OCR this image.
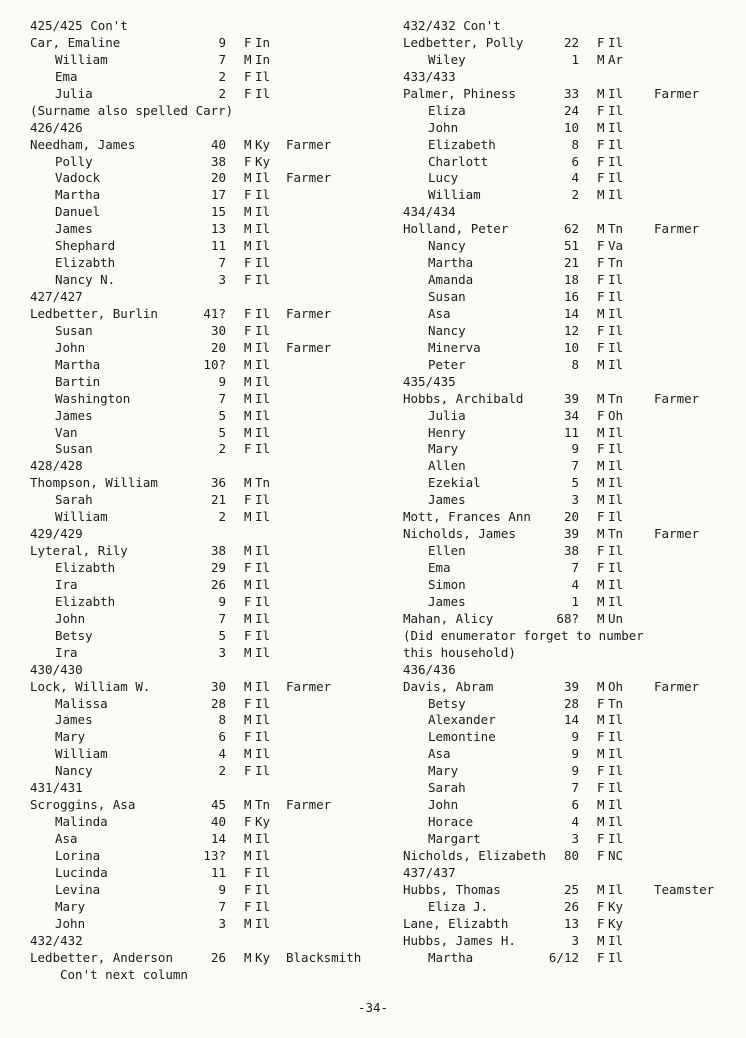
425/425 Con't
Car, Emaline	9 F In
William	7 M In
Ema	2 F Il
Julia	2 F Il
(Surname also spelled Carr)
426/426
Needham, James	40 M Ky Farmer
Polly	38 F Ky
Vadock	20 M Il Farmer
Martha	17 F Il
Danuel	15 M Il
James	13 M Il
Shephard	11 M Il
Elizabth	7 F Il
Nancy N.	3 F Il
427/427
Ledbetter, Burlin	41? F Il Farmer
Susan	30 F Il
John	20 M Il Farmer
Martha	10? M Il
Bartin	9 M Il
Washington	7 M Il
James	5 M Il
Van	5 M Il
Susan	2 F Il
428/428
Thompson, William	36 M Tn
Sarah	21 F Il
William	2 M Il
429/429
Lyteral, Rily	38 M Il
Elizabth	29 F Il
Ira	26 M Il
Elizabth	9 F Il
John	7 M Il
Betsy	5 F Il
Ira	3 M Il
430/430
Lock, William W.	30 M Il Farmer
Malissa	28 F Il
James	8 M Il
Mary	6 F Il
William	4 M Il
Nancy	2 F Il
431/431
Scroggins, Asa	45 M Tn Farmer
Malinda	40 F Ky
Asa	14 M Il
Lorina	13? M Il
Lucinda	11 F Il
Levina	9 F Il
Mary	7 F Il
John	3 M Il
432/432
Ledbetter, Anderson	26 M Ky Blacksmith
Con't next column
432/432 Con't
Ledbetter, Polly	22 F Il
Wiley	1 M Ar
433/433
Palmer, Phiness	33 M Il Farmer
Eliza	24 F Il
John	10 M Il
Elizabeth	8 F Il
Charlott	6 F Il
Lucy	4 F Il
William	2 M Il
434/434
Holland, Peter	62 M Tn Farmer
Nancy	51 F Va
Martha	21 F Tn
Amanda	18 F Il
Susan	16 F Il
Asa	14 M Il
Nancy	12 F Il
Minerva	10 F Il
Peter	8 M Il
435/435
Hobbs, Archibald	39 M Tn Farmer
Julia	34 F Oh
Henry	11 M Il
Mary	9 F Il
Allen	7 M Il
Ezekial	5 M Il
James	3 M Il
Mott, Frances Ann	20 F Il
Nicholds, James	39 M Tn Farmer
Ellen	38 F Il
Ema	7 F Il
Simon	4 M Il
James	1 M Il
Mahan, Alicy	68? M Un
(Did enumerator forget to number
this household)
436/436
Davis, Abram	39 M Oh Farmer
Betsy	28 F Tn
Alexander	14 M Il
Lemontine	9 F Il
Asa	9 M Il
Mary	9 F Il
Sarah	7 F Il
John	6 M Il
Horace	4 M Il
Margart	3 F Il
Nicholds, Elizabeth 80 F NC
437/437
Hubbs, Thomas	25 M Il Teamster
Eliza J.	26 F Ky
Lane, Elizabth	13 F Ky
Hubbs, James H.	3 M Il
Martha	6/12 F Il
-34-
